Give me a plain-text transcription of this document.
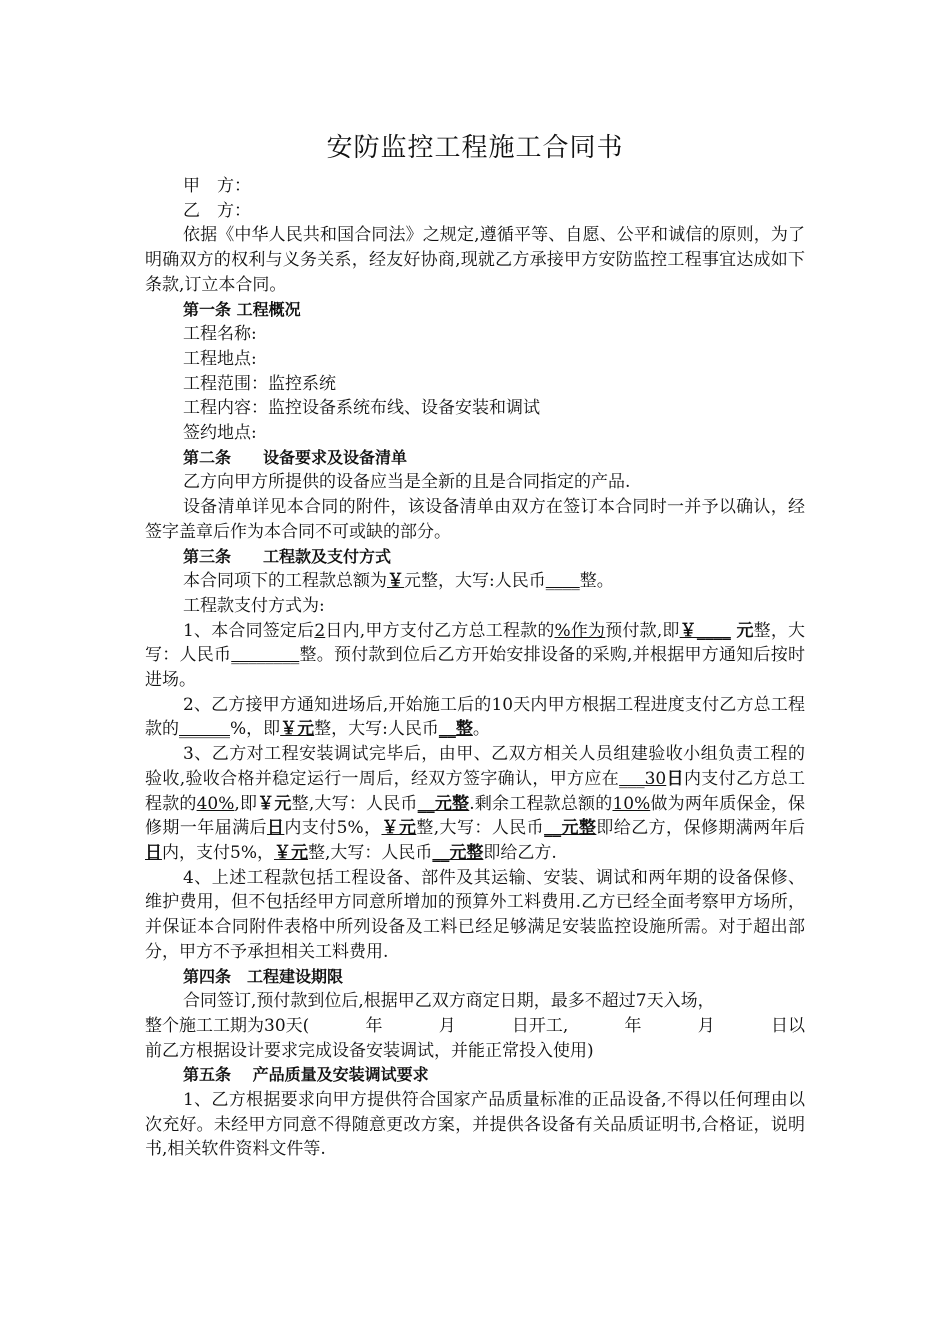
安防监控工程施工合同书

甲　方：

乙　方：

依据《中华人民共和国合同法》之规定,遵循平等、自愿、公平和诚信的原则，为了明确双方的权利与义务关系，经友好协商,现就乙方承接甲方安防监控工程事宜达成如下条款,订立本合同。

第一条 工程概况

工程名称:

工程地点:

工程范围：监控系统

工程内容：监控设备系统布线、设备安装和调试

签约地点:

第二条　　设备要求及设备清单

乙方向甲方所提供的设备应当是全新的且是合同指定的产品.

设备清单详见本合同的附件，该设备清单由双方在签订本合同时一并予以确认，经签字盖章后作为本合同不可或缺的部分。

第三条　　工程款及支付方式

本合同项下的工程款总额为￥元整，大写:人民币____整。

工程款支付方式为:

1、本合同签定后2日内,甲方支付乙方总工程款的%作为预付款,即￥____ 元整，大写：人民币________整。预付款到位后乙方开始安排设备的采购,并根据甲方通知后按时进场。

2、乙方接甲方通知进场后,开始施工后的10天内甲方根据工程进度支付乙方总工程款的______%，即￥元整，大写:人民币__整。

3、乙方对工程安装调试完毕后，由甲、乙双方相关人员组建验收小组负责工程的验收,验收合格并稳定运行一周后，经双方签字确认，甲方应在___30日内支付乙方总工程款的40%,即￥元整,大写：人民币__元整.剩余工程款总额的10%做为两年质保金，保修期一年届满后日内支付5%，￥元整,大写：人民币__元整即给乙方，保修期满两年后日内，支付5%，￥元整,大写：人民币__元整即给乙方.

4、上述工程款包括工程设备、部件及其运输、安装、调试和两年期的设备保修、维护费用，但不包括经甲方同意所增加的预算外工料费用.乙方已经全面考察甲方场所，并保证本合同附件表格中所列设备及工料已经足够满足安装监控设施所需。对于超出部分，甲方不予承担相关工料费用.

第四条　工程建设期限

合同签订,预付款到位后,根据甲乙双方商定日期，最多不超过7天入场，

整个施工工期为30天(	年	月	日开工,	年	月	日以

前乙方根据设计要求完成设备安装调试，并能正常投入使用)

第五条　 产品质量及安装调试要求

1、乙方根据要求向甲方提供符合国家产品质量标准的正品设备,不得以任何理由以次充好。未经甲方同意不得随意更改方案，并提供各设备有关品质证明书,合格证，说明书,相关软件资料文件等.
